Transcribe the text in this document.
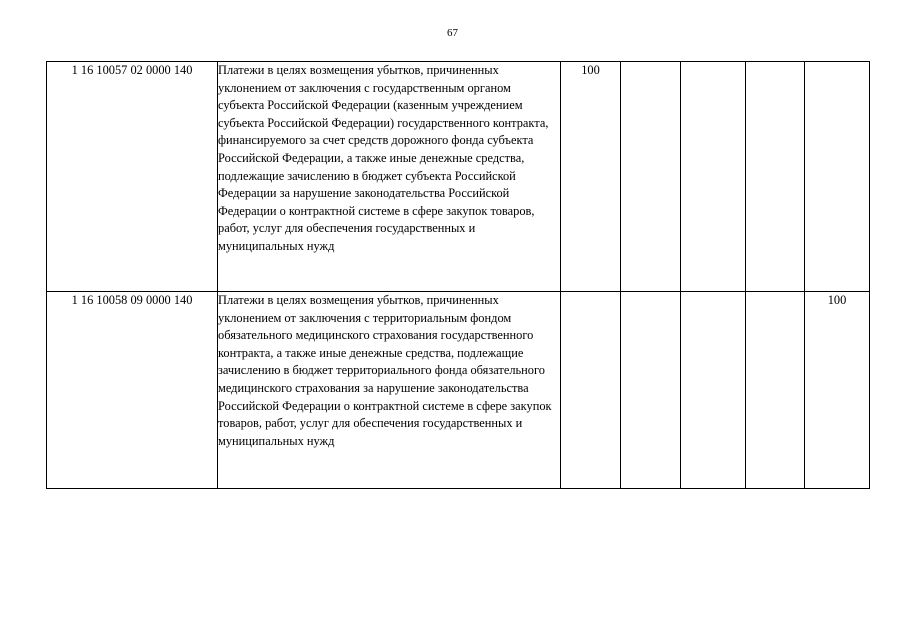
67
1 16 10057 02 0000 140	Платежи в целях возмещения убытков, причиненных уклонением от заключения с государственным органом субъекта Российской Федерации (казенным учреждением субъекта Российской Федерации) государственного контракта, финансируемого за счет средств дорожного фонда субъекта Российской Федерации, а также иные денежные средства, подлежащие зачислению в бюджет субъекта Российской Федерации за нарушение законодательства Российской Федерации о контрактной системе в сфере закупок товаров, работ, услуг для обеспечения государственных и муниципальных нужд	100				
1 16 10058 09 0000 140	Платежи в целях возмещения убытков, причиненных уклонением от заключения с территориальным фондом обязательного медицинского страхования государственного контракта, а также иные денежные средства, подлежащие зачислению в бюджет территориального фонда обязательного медицинского страхования за нарушение законодательства Российской Федерации о контрактной системе в сфере закупок товаров, работ, услуг для обеспечения государственных и муниципальных нужд					100
